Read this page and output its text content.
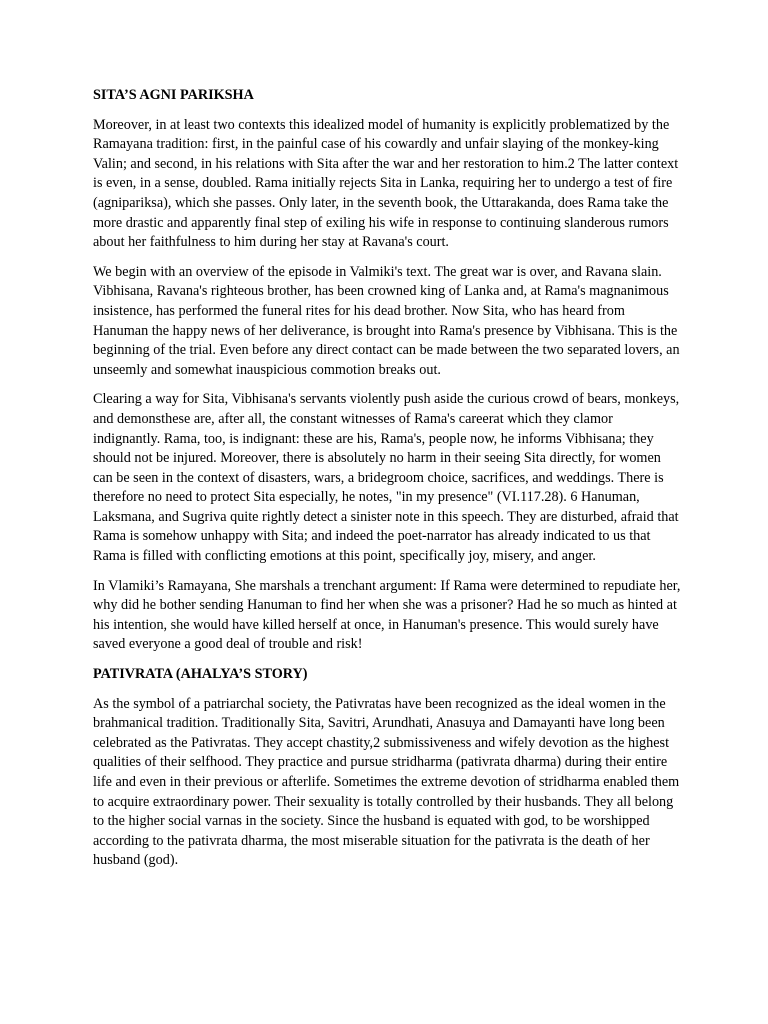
SITA’S AGNI PARIKSHA

Moreover, in at least two contexts this idealized model of humanity is explicitly problematized by the Ramayana tradition: first, in the painful case of his cowardly and unfair slaying of the monkey-king Valin; and second, in his relations with Sita after the war and her restoration to him.2 The latter context is even, in a sense, doubled. Rama initially rejects Sita in Lanka, requiring her to undergo a test of fire (agnipariksa), which she passes. Only later, in the seventh book, the Uttarakanda, does Rama take the more drastic and apparently final step of exiling his wife in response to continuing slanderous rumors about her faithfulness to him during her stay at Ravana's court.

We begin with an overview of the episode in Valmiki's text. The great war is over, and Ravana slain. Vibhisana, Ravana's righteous brother, has been crowned king of Lanka and, at Rama's magnanimous insistence, has performed the funeral rites for his dead brother. Now Sita, who has heard from Hanuman the happy news of her deliverance, is brought into Rama's presence by Vibhisana. This is the beginning of the trial. Even before any direct contact can be made between the two separated lovers, an unseemly and somewhat inauspicious commotion breaks out.

Clearing a way for Sita, Vibhisana's servants violently push aside the curious crowd of bears, monkeys, and demonsthese are, after all, the constant witnesses of Rama's careerat which they clamor indignantly. Rama, too, is indignant: these are his, Rama's, people now, he informs Vibhisana; they should not be injured. Moreover, there is absolutely no harm in their seeing Sita directly, for women can be seen in the context of disasters, wars, a bridegroom choice, sacrifices, and weddings. There is therefore no need to protect Sita especially, he notes, "in my presence" (VI.117.28). 6 Hanuman, Laksmana, and Sugriva quite rightly detect a sinister note in this speech. They are disturbed, afraid that Rama is somehow unhappy with Sita; and indeed the poet-narrator has already indicated to us that Rama is filled with conflicting emotions at this point, specifically joy, misery, and anger.

In Vlamiki’s Ramayana, She marshals a trenchant argument: If Rama were determined to repudiate her, why did he bother sending Hanuman to find her when she was a prisoner? Had he so much as hinted at his intention, she would have killed herself at once, in Hanuman's presence. This would surely have saved everyone a good deal of trouble and risk!

PATIVRATA (AHALYA’S STORY)

As the symbol of a patriarchal society, the Pativratas have been recognized as the ideal women in the brahmanical tradition. Traditionally Sita, Savitri, Arundhati, Anasuya and Damayanti have long been celebrated as the Pativratas. They accept chastity,2 submissiveness and wifely devotion as the highest qualities of their selfhood. They practice and pursue stridharma (pativrata dharma) during their entire life and even in their previous or afterlife. Sometimes the extreme devotion of stridharma enabled them to acquire extraordinary power. Their sexuality is totally controlled by their husbands. They all belong to the higher social varnas in the society. Since the husband is equated with god, to be worshipped according to the pativrata dharma, the most miserable situation for the pativrata is the death of her husband (god).
